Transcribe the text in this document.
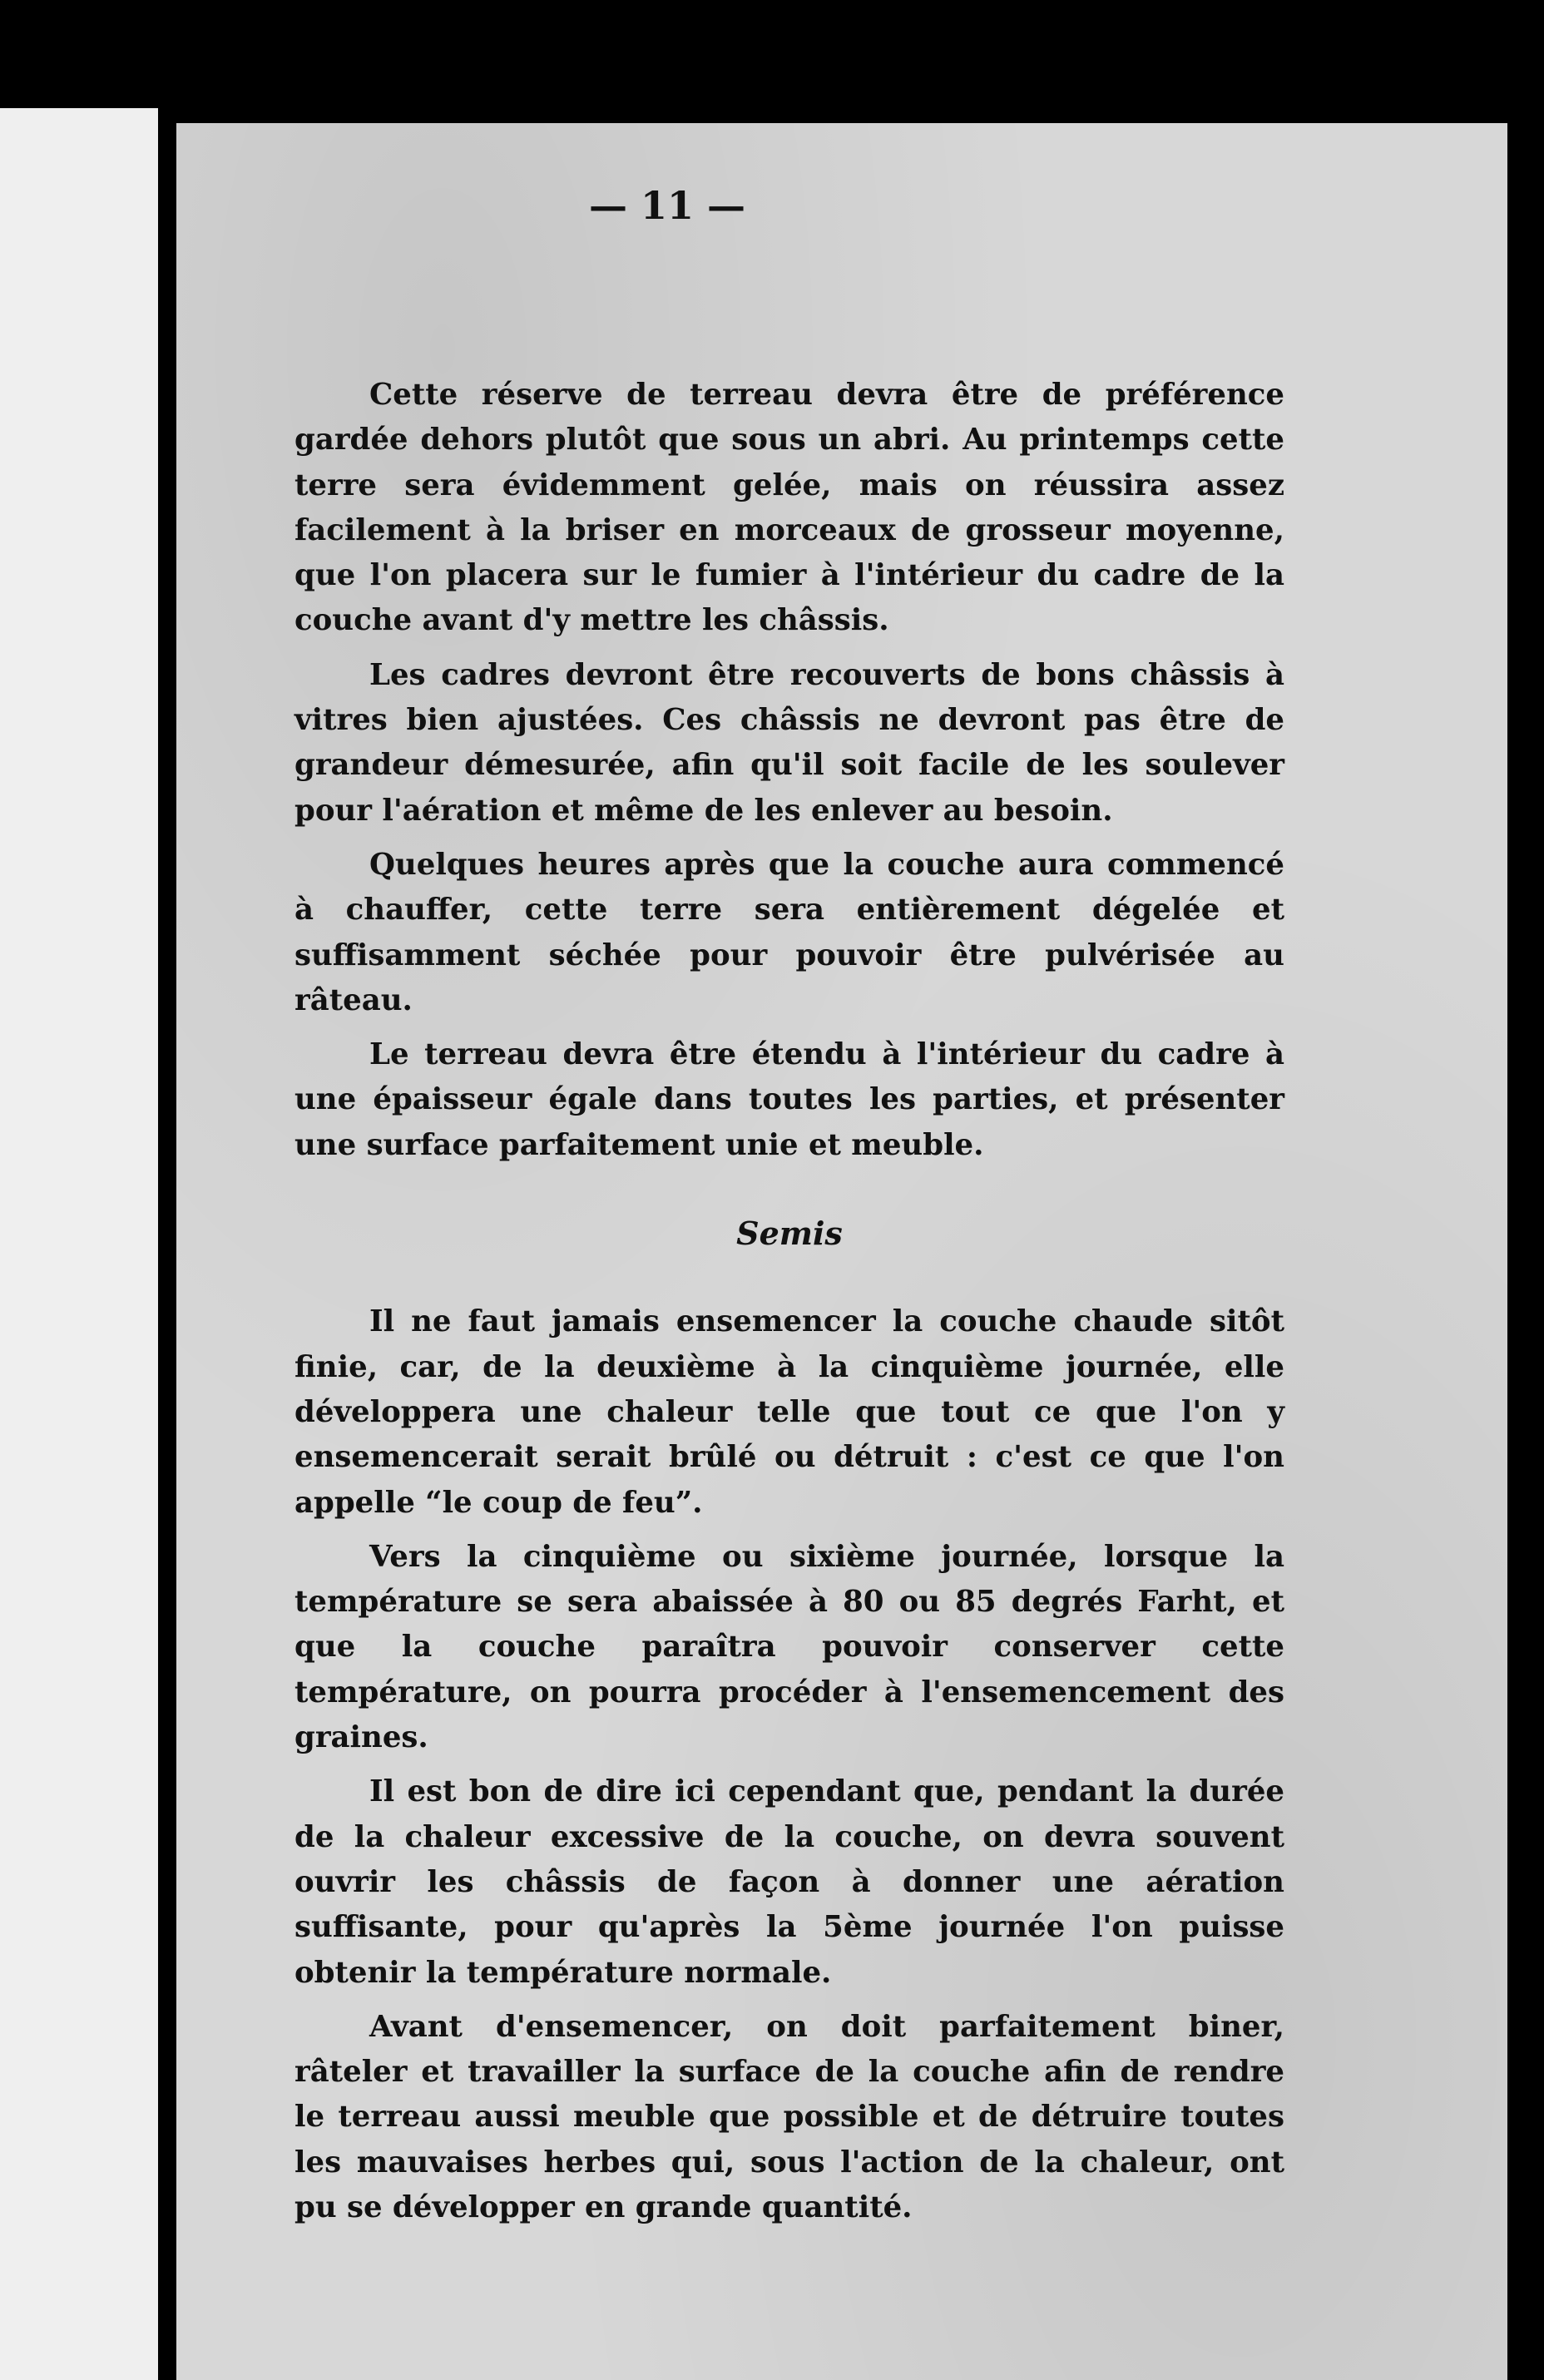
— 11 —

Cette réserve de terreau devra être de préférence gardée dehors plutôt que sous un abri. Au printemps cette terre sera évidemment gelée, mais on réussira assez facilement à la briser en morceaux de grosseur moyenne, que l'on placera sur le fumier à l'intérieur du cadre de la couche avant d'y mettre les châssis.

Les cadres devront être recouverts de bons châssis à vitres bien ajustées. Ces châssis ne devront pas être de grandeur démesurée, afin qu'il soit facile de les soulever pour l'aération et même de les enlever au besoin.

Quelques heures après que la couche aura commencé à chauffer, cette terre sera entièrement dégelée et suffisamment séchée pour pouvoir être pulvérisée au râteau.

Le terreau devra être étendu à l'intérieur du cadre à une épaisseur égale dans toutes les parties, et présenter une surface parfaitement unie et meuble.

Semis

Il ne faut jamais ensemencer la couche chaude sitôt finie, car, de la deuxième à la cinquième journée, elle développera une chaleur telle que tout ce que l'on y ensemencerait serait brûlé ou détruit : c'est ce que l'on appelle “le coup de feu”.

Vers la cinquième ou sixième journée, lorsque la température se sera abaissée à 80 ou 85 degrés Farht, et que la couche paraîtra pouvoir conserver cette température, on pourra procéder à l'ensemencement des graines.

Il est bon de dire ici cependant que, pendant la durée de la chaleur excessive de la couche, on devra souvent ouvrir les châssis de façon à donner une aération suffisante, pour qu'après la 5ème journée l'on puisse obtenir la température normale.

Avant d'ensemencer, on doit parfaitement biner, râteler et travailler la surface de la couche afin de rendre le terreau aussi meuble que possible et de détruire toutes les mauvaises herbes qui, sous l'action de la chaleur, ont pu se développer en grande quantité.
